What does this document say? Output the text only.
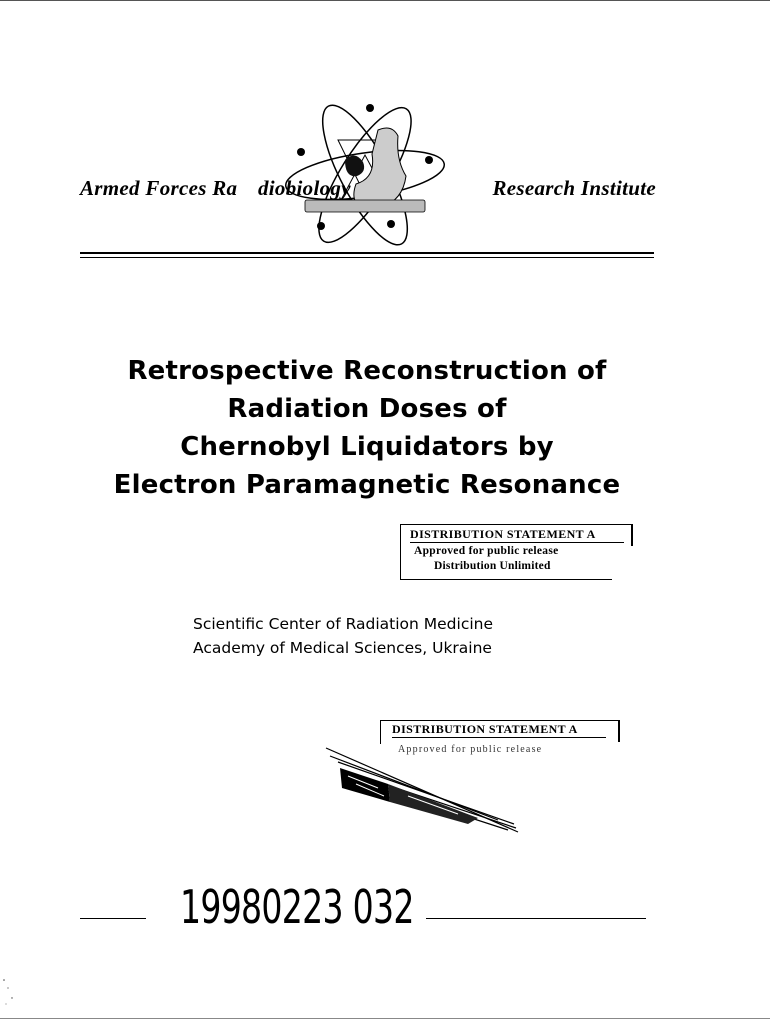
Armed Forces Ra diobiology	Research Institute
Retrospective Reconstruction of
Radiation Doses of
Chernobyl Liquidators by
Electron Paramagnetic Resonance
DISTRIBUTION STATEMENT A
Approved for public release
Distribution Unlimited
Scientific Center of Radiation Medicine
Academy of Medical Sciences, Ukraine
DISTRIBUTION STATEMENT A
Approved for public release
19980223 032
